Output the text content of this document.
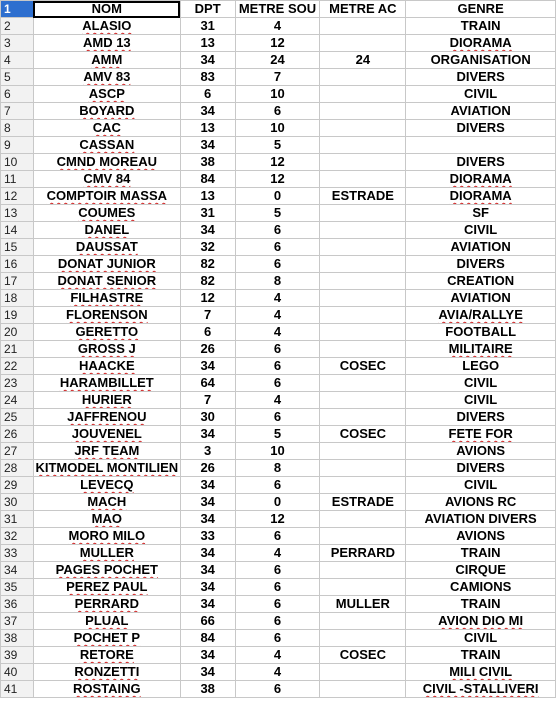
1	NOM	DPT	METRE SOU	METRE AC	GENRE
2	ALASIO	31	4		TRAIN
3	AMD 13	13	12		DIORAMA
4	AMM	34	24	24	ORGANISATION
5	AMV 83	83	7		DIVERS
6	ASCP	6	10		CIVIL
7	BOYARD	34	6		AVIATION
8	CAC	13	10		DIVERS
9	CASSAN	34	5		
10	CMND MOREAU	38	12		DIVERS
11	CMV 84	84	12		DIORAMA
12	COMPTOIR MASSA	13	0	ESTRADE	DIORAMA
13	COUMES	31	5		SF
14	DANEL	34	6		CIVIL
15	DAUSSAT	32	6		AVIATION
16	DONAT JUNIOR	82	6		DIVERS
17	DONAT SENIOR	82	8		CREATION
18	FILHASTRE	12	4		AVIATION
19	FLORENSON	7	4		AVIA/RALLYE
20	GERETTO	6	4		FOOTBALL
21	GROSS J	26	6		MILITAIRE
22	HAACKE	34	6	COSEC	LEGO
23	HARAMBILLET	64	6		CIVIL
24	HURIER	7	4		CIVIL
25	JAFFRENOU	30	6		DIVERS
26	JOUVENEL	34	5	COSEC	FETE FOR
27	JRF TEAM	3	10		AVIONS
28	KITMODEL MONTILIEN	26	8		DIVERS
29	LEVECQ	34	6		CIVIL
30	MACH	34	0	ESTRADE	AVIONS RC
31	MAO	34	12		AVIATION DIVERS
32	MORO MILO	33	6		AVIONS
33	MULLER	34	4	PERRARD	TRAIN
34	PAGES POCHET	34	6		CIRQUE
35	PEREZ PAUL	34	6		CAMIONS
36	PERRARD	34	6	MULLER	TRAIN
37	PLUAL	66	6		AVION DIO MI
38	POCHET P	84	6		CIVIL
39	RETORE	34	4	COSEC	TRAIN
40	RONZETTI	34	4		MILI CIVIL
41	ROSTAING	38	6		CIVIL -STALLIVERI
